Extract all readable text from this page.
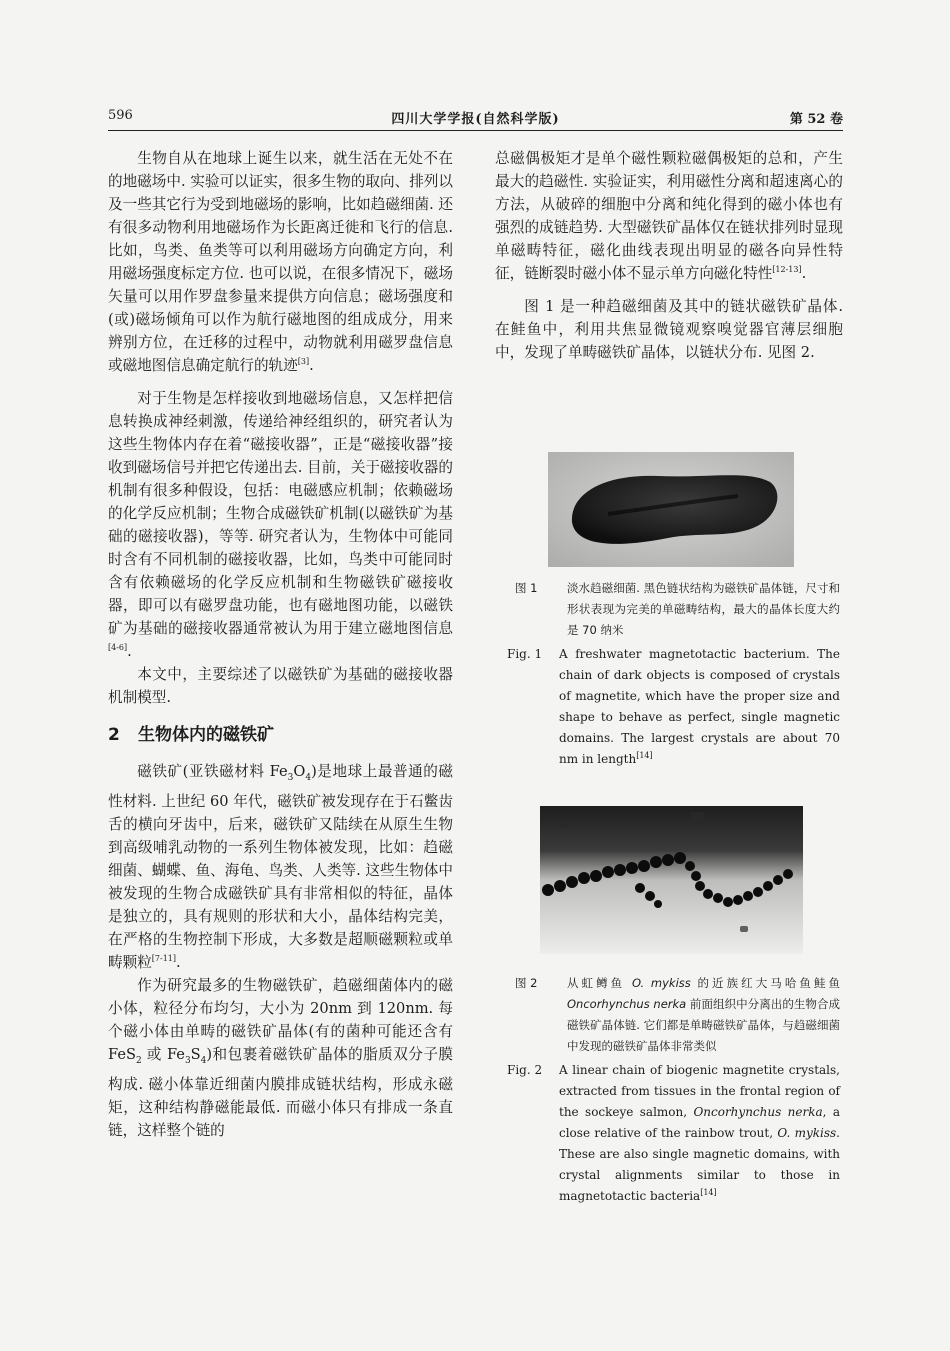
596	四川大学学报(自然科学版)	第 52 卷

生物自从在地球上诞生以来，就生活在无处不在的地磁场中. 实验可以证实，很多生物的取向、排列以及一些其它行为受到地磁场的影响，比如趋磁细菌. 还有很多动物利用地磁场作为长距离迁徙和飞行的信息. 比如，鸟类、鱼类等可以利用磁场方向确定方向，利用磁场强度标定方位. 也可以说，在很多情况下，磁场矢量可以用作罗盘参量来提供方向信息；磁场强度和(或)磁场倾角可以作为航行磁地图的组成成分，用来辨别方位，在迁移的过程中，动物就利用磁罗盘信息或磁地图信息确定航行的轨迹[3].

对于生物是怎样接收到地磁场信息，又怎样把信息转换成神经刺激，传递给神经组织的，研究者认为这些生物体内存在着“磁接收器”，正是“磁接收器”接收到磁场信号并把它传递出去. 目前，关于磁接收器的机制有很多种假设，包括：电磁感应机制；依赖磁场的化学反应机制；生物合成磁铁矿机制(以磁铁矿为基础的磁接收器)，等等. 研究者认为，生物体中可能同时含有不同机制的磁接收器，比如，鸟类中可能同时含有依赖磁场的化学反应机制和生物磁铁矿磁接收器，即可以有磁罗盘功能，也有磁地图功能，以磁铁矿为基础的磁接收器通常被认为用于建立磁地图信息[4-6].

本文中，主要综述了以磁铁矿为基础的磁接收器机制模型.

2 生物体内的磁铁矿

磁铁矿(亚铁磁材料 $Fe_3O_4$)是地球上最普通的磁性材料. 上世纪 60 年代，磁铁矿被发现存在于石鳖齿舌的横向牙齿中，后来，磁铁矿又陆续在从原生生物到高级哺乳动物的一系列生物体被发现，比如：趋磁细菌、蝴蝶、鱼、海龟、鸟类、人类等. 这些生物体中被发现的生物合成磁铁矿具有非常相似的特征，晶体是独立的，具有规则的形状和大小，晶体结构完美，在严格的生物控制下形成，大多数是超顺磁颗粒或单畴颗粒[7-11].

作为研究最多的生物磁铁矿，趋磁细菌体内的磁小体，粒径分布均匀，大小为 20nm 到 120nm. 每个磁小体由单畴的磁铁矿晶体(有的菌种可能还含有 FeS$_2$ 或 $Fe_3S_4$)和包裹着磁铁矿晶体的脂质双分子膜构成. 磁小体靠近细菌内膜排成链状结构，形成永磁矩，这种结构静磁能最低. 而磁小体只有排成一条直链，这样整个链的

总磁偶极矩才是单个磁性颗粒磁偶极矩的总和，产生最大的趋磁性. 实验证实，利用磁性分离和超速离心的方法，从破碎的细胞中分离和纯化得到的磁小体也有强烈的成链趋势. 大型磁铁矿晶体仅在链状排列时显现单磁畴特征，磁化曲线表现出明显的磁各向异性特征，链断裂时磁小体不显示单方向磁化特性[12-13].

图 1 是一种趋磁细菌及其中的链状磁铁矿晶体. 在鲑鱼中，利用共焦显微镜观察嗅觉器官薄层细胞中，发现了单畴磁铁矿晶体，以链状分布. 见图 2.

图 1	淡水趋磁细菌. 黑色链状结构为磁铁矿晶体链，尺寸和形状表现为完美的单磁畴结构，最大的晶体长度大约是 70 纳米
Fig. 1 A freshwater magnetotactic bacterium. The chain of dark objects is composed of crystals of magnetite, which have the proper size and shape to behave as perfect, single magnetic domains. The largest crystals are about 70 nm in length[14]
图 2	从虹鳟鱼 O. mykiss 的近族红大马哈鱼鲑鱼 Oncorhynchus nerka 前面组织中分离出的生物合成磁铁矿晶体链. 它们都是单畴磁铁矿晶体，与趋磁细菌中发现的磁铁矿晶体非常类似
Fig. 2 A linear chain of biogenic magnetite crystals, extracted from tissues in the frontal region of the sockeye salmon, Oncorhynchus nerka, a close relative of the rainbow trout, O. mykiss. These are also single magnetic domains, with crystal alignments similar to those in magnetotactic bacteria[14]
